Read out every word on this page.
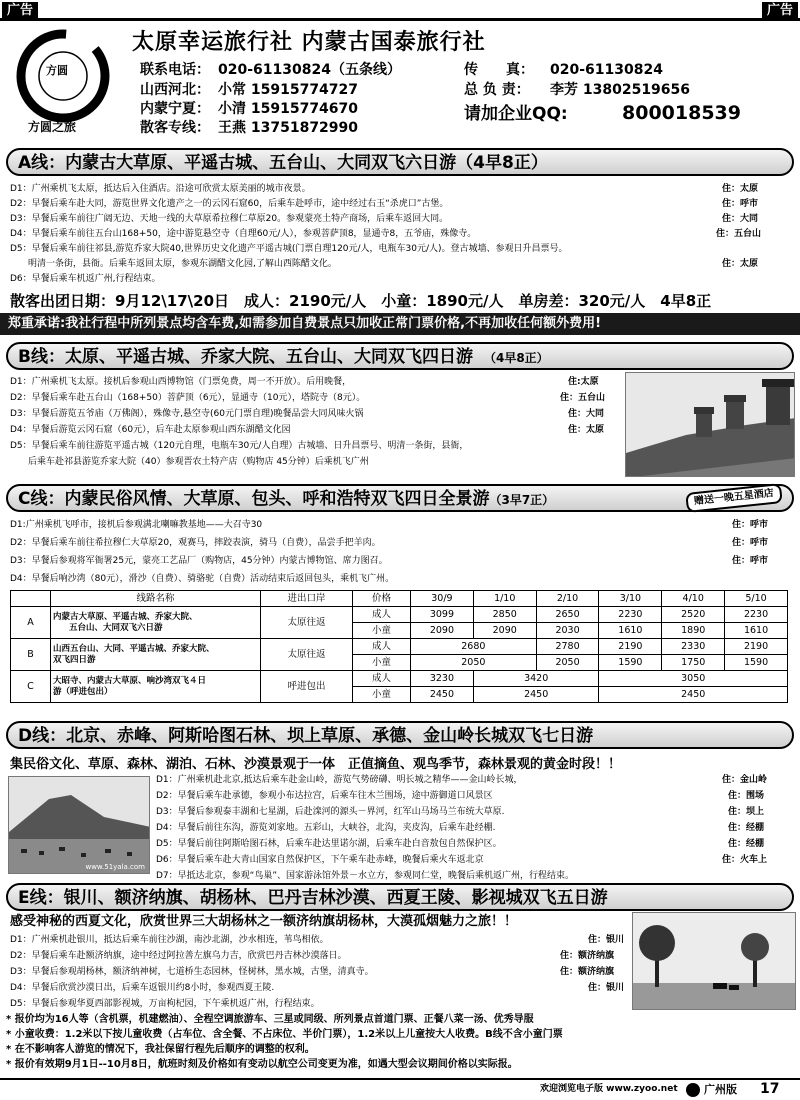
广告	广告
方圆
方圆之旅
太原幸运旅行社 内蒙古国泰旅行社
联系电话： 020-61130824（五条线）	传　　真： 020-61130824
山西河北： 小常 15915774727	总 负 责： 李芳 13802519656
内蒙宁夏： 小清 15915774670	请加企业QQ:	800018539
散客专线： 王燕 13751872990
A线：内蒙古大草原、平遥古城、五台山、大同双飞六日游（4早8正）
D1：广州乘机飞太原，抵达后入住酒店。沿途可欣赏太原美丽的城市夜景。	住：太原
D2：早餐后乘车赴大同，游览世界文化遗产之一的云冈石窟60，后乘车赴呼市，途中经过右玉“杀虎口”古堡。	住：呼市
D3：早餐后乘车前往广阔无边、天地一线的大草原希拉穆仁草原20。参观蒙亮土特产商场，后乘车返回大同。	住：大同
D4：早餐后乘车前往五台山168+50，途中游览悬空寺（自理60元/人），参观菩萨顶8，显通寺8，五爷庙，殊像寺。	住：五台山
D5：早餐后乘车前往祁县,游览乔家大院40,世界历史文化遗产平遥古城(门票自理120元/人，电瓶车30元/人)。登古城墙、参观日升昌票号。
　　明清一条街，县衙。后乘车返回太原，参观东湖醋文化园,了解山西陈醋文化。	住：太原
D6：早餐后乘车机返广州,行程结束。
散客出团日期：9月12\17\20日　成人：2190元/人　小童：1890元/人　单房差：320元/人　4早8正
郑重承诺:我社行程中所列景点均含车费,如需参加自费景点只加收正常门票价格,不再加收任何额外费用!
B线：太原、平遥古城、乔家大院、五台山、大同双飞四日游　 （4早8正）
D1：广州乘机飞太原。接机后参观山西博物馆（门票免费，周一不开放）。后用晚餐，	住:太原
D2：早餐后乘车赴五台山（168+50）菩萨顶（6元），显通寺（10元），塔院寺（8元）。	住：五台山
D3：早餐后游览五爷庙（万佛阁），殊像寺,悬空寺(60元门票自理)晚餐品尝大同风味火锅	住：大同
D4：早餐后游览云冈石窟（60元），后车赴太原参观山西东湖醋文化园	住：太原
D5：早餐后乘车前往游览平遥古城（120元自理，电瓶车30元/人自理）古城墙、日升昌票号、明清一条街，县衙，
　　后乘车赴祁县游览乔家大院（40）参观晋农土特产店（购物店 45分钟）后乘机飞广州
C线：内蒙民俗风情、大草原、包头、呼和浩特双飞四日全景游（3早7正）	赠送一晚五星酒店
D1:广州乘机飞呼市，接机后参观满北喇嘛教基地——大召寺30	住：呼市
D2：早餐后乘车前往希拉穆仁大草原20，观赛马，摔跤表演，骑马（自费），品尝手把羊肉。	住：呼市
D3：早餐后参观将军衙署25元，蒙亮工艺品厂（购物店，45分钟）内蒙古博物馆、席力图召。	住：呼市
D4：早餐后响沙湾（80元），滑沙（自费）、骑骆驼（自费）活动结束后返回包头，乘机飞广州。
	线路名称	进出口岸	价格	30/9	1/10	2/10	3/10	4/10	5/10
A	内蒙古大草原、平遥古城、乔家大院、
五台山、大同双飞六日游	太原往返	成人	3099	2850	2650	2230	2520	2230
			小童	2090	2090	2030	1610	1890	1610
B	山西五台山、大同、平遥古城、乔家大院、
双飞四日游	太原往返	成人	2680		2780	2190	2330	2190
			小童	2050		2050	1590	1750	1590
C	大昭寺、内蒙古大草原、响沙湾双飞４日
游（呼进包出）	呼进包出	成人	3230	3420		3050		
			小童	2450	2450		2450		
D线：北京、赤峰、阿斯哈图石林、坝上草原、承德、金山岭长城双飞七日游
集民俗文化、草原、森林、湖泊、石林、沙漠景观于一体　正值摘鱼、观鸟季节，森林景观的黄金时段！！
www.51yala.com
D1：广州乘机赴北京,抵达后乘车赴金山岭，游览气势磅礴、明长城之精华——金山岭长城，	住：金山岭
D2：早餐后乘车赴承德，参观小布达拉宫，后乘车往木兰围场，途中游御道口风景区	住：围场
D3：早餐后参观泰丰湖和七星湖，后赴滦河的源头－界河，红军山马场马兰布统大草原.	住：坝上
D4：早餐后前往东沟，游览刘家地。五彩山，大峡谷，北沟，夹皮沟，后乘车赴经棚.	住：经棚
D5：早餐后前往阿斯哈图石林，后乘车赴达里诺尔湖，后乘车赴白音敖包自然保护区。	住：经棚
D6：早餐后乘车赴大青山国家自然保护区，下午乘车赴赤峰，晚餐后乘火车返北京	住：火车上
D7：早抵达北京，参观“鸟巢”、国家游泳馆外景－水立方，参观同仁堂，晚餐后乘机返广州，行程结束。
E线：银川、额济纳旗、胡杨林、巴丹吉林沙漠、西夏王陵、影视城双飞五日游
感受神秘的西夏文化，欣赏世界三大胡杨林之一额济纳旗胡杨林，大漠孤烟魅力之旅！！
D1：广州乘机赴银川，抵达后乘车前往沙湖，南沙北湖，沙水相连，苇鸟相依。	住：银川
D2：早餐后乘车赴额济纳旗，途中经过阿拉善左旗乌力吉，欣赏巴丹吉林沙漠落日。	住：额济纳旗
D3：早餐后参观胡杨林，额济纳神树，七道桥生态园林，怪树林，黑水城，古堡，清真寺。	住：额济纳旗
D4：早餐后欣赏沙漠日出，后乘车返银川约8小时，参观西夏王陵.	住：银川
D5：早餐后参观华夏西部影视城，万亩枸杞园，下午乘机返广州，行程结束。
* 报价均为16人等（含机票，机建燃油）、全程空调旅游车、三星或同级、所列景点首道门票、正餐八菜一汤、优秀导服
* 小童收费：1.2米以下按儿童收费（占车位、含全餐、不占床位、半价门票），1.2米以上儿童按大人收费。B线不含小童门票
* 在不影响客人游览的情况下，我社保留行程先后顺序的调整的权利。
* 报价有效期9月1日--10月8日，航班时刻及价格如有变动以航空公司变更为准，如遇大型会议期间价格以实际报。
欢迎浏览电子版 www.zyoo.net 广州版 17
